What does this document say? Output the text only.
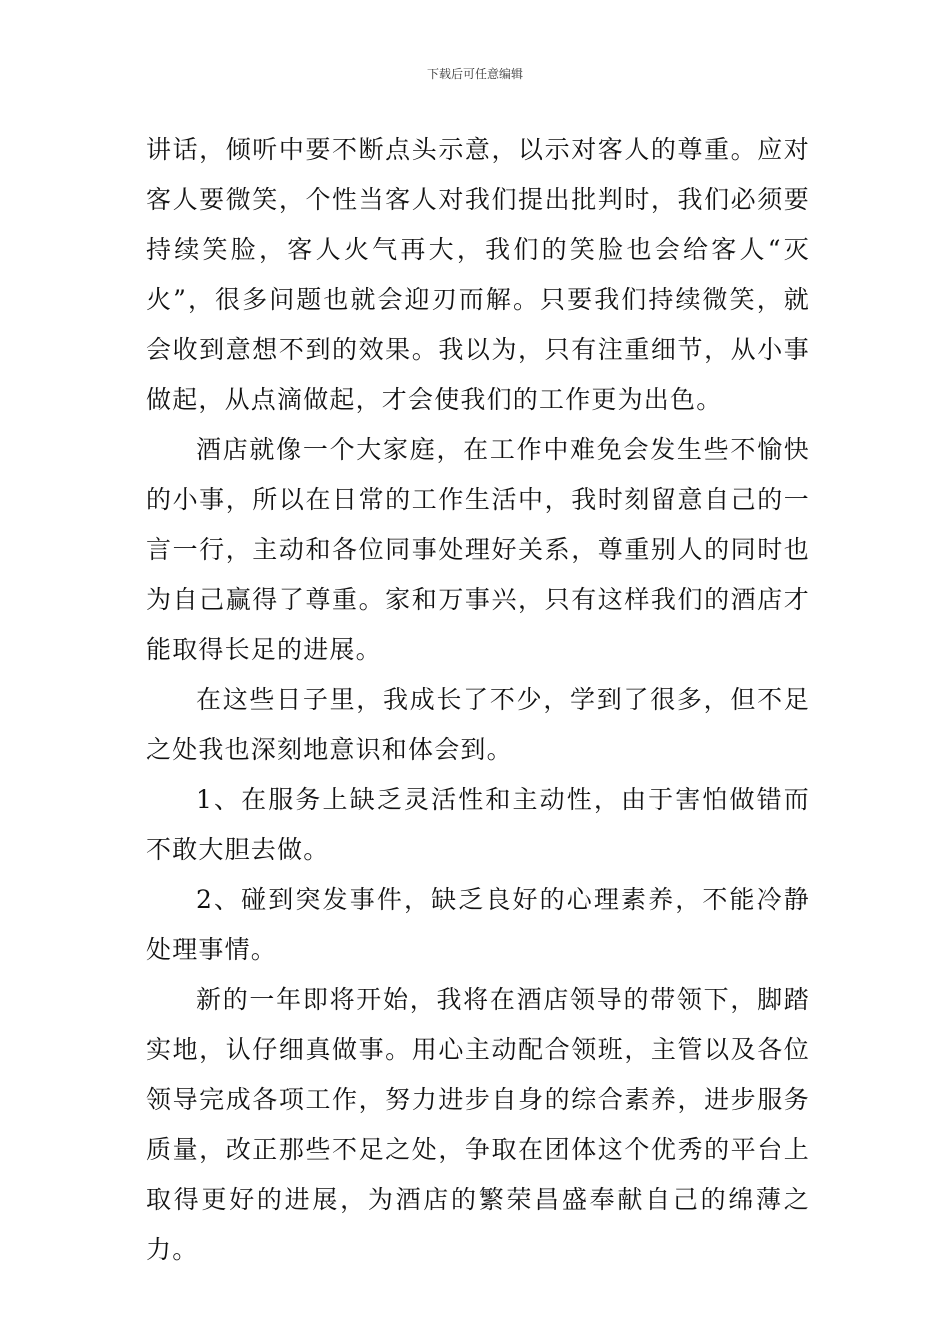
下载后可任意编辑

讲话，倾听中要不断点头示意，以示对客人的尊重。应对客人要微笑，个性当客人对我们提出批判时，我们必须要持续笑脸，客人火气再大，我们的笑脸也会给客人“灭火”，很多问题也就会迎刃而解。只要我们持续微笑，就会收到意想不到的效果。我以为，只有注重细节，从小事做起，从点滴做起，才会使我们的工作更为出色。

酒店就像一个大家庭，在工作中难免会发生些不愉快的小事，所以在日常的工作生活中，我时刻留意自己的一言一行，主动和各位同事处理好关系，尊重别人的同时也为自己赢得了尊重。家和万事兴，只有这样我们的酒店才能取得长足的进展。

在这些日子里，我成长了不少，学到了很多，但不足之处我也深刻地意识和体会到。

1、在服务上缺乏灵活性和主动性，由于害怕做错而不敢大胆去做。

2、碰到突发事件，缺乏良好的心理素养，不能冷静处理事情。

新的一年即将开始，我将在酒店领导的带领下，脚踏实地，认仔细真做事。用心主动配合领班，主管以及各位领导完成各项工作，努力进步自身的综合素养，进步服务质量，改正那些不足之处，争取在团体这个优秀的平台上取得更好的进展，为酒店的繁荣昌盛奉献自己的绵薄之力。
